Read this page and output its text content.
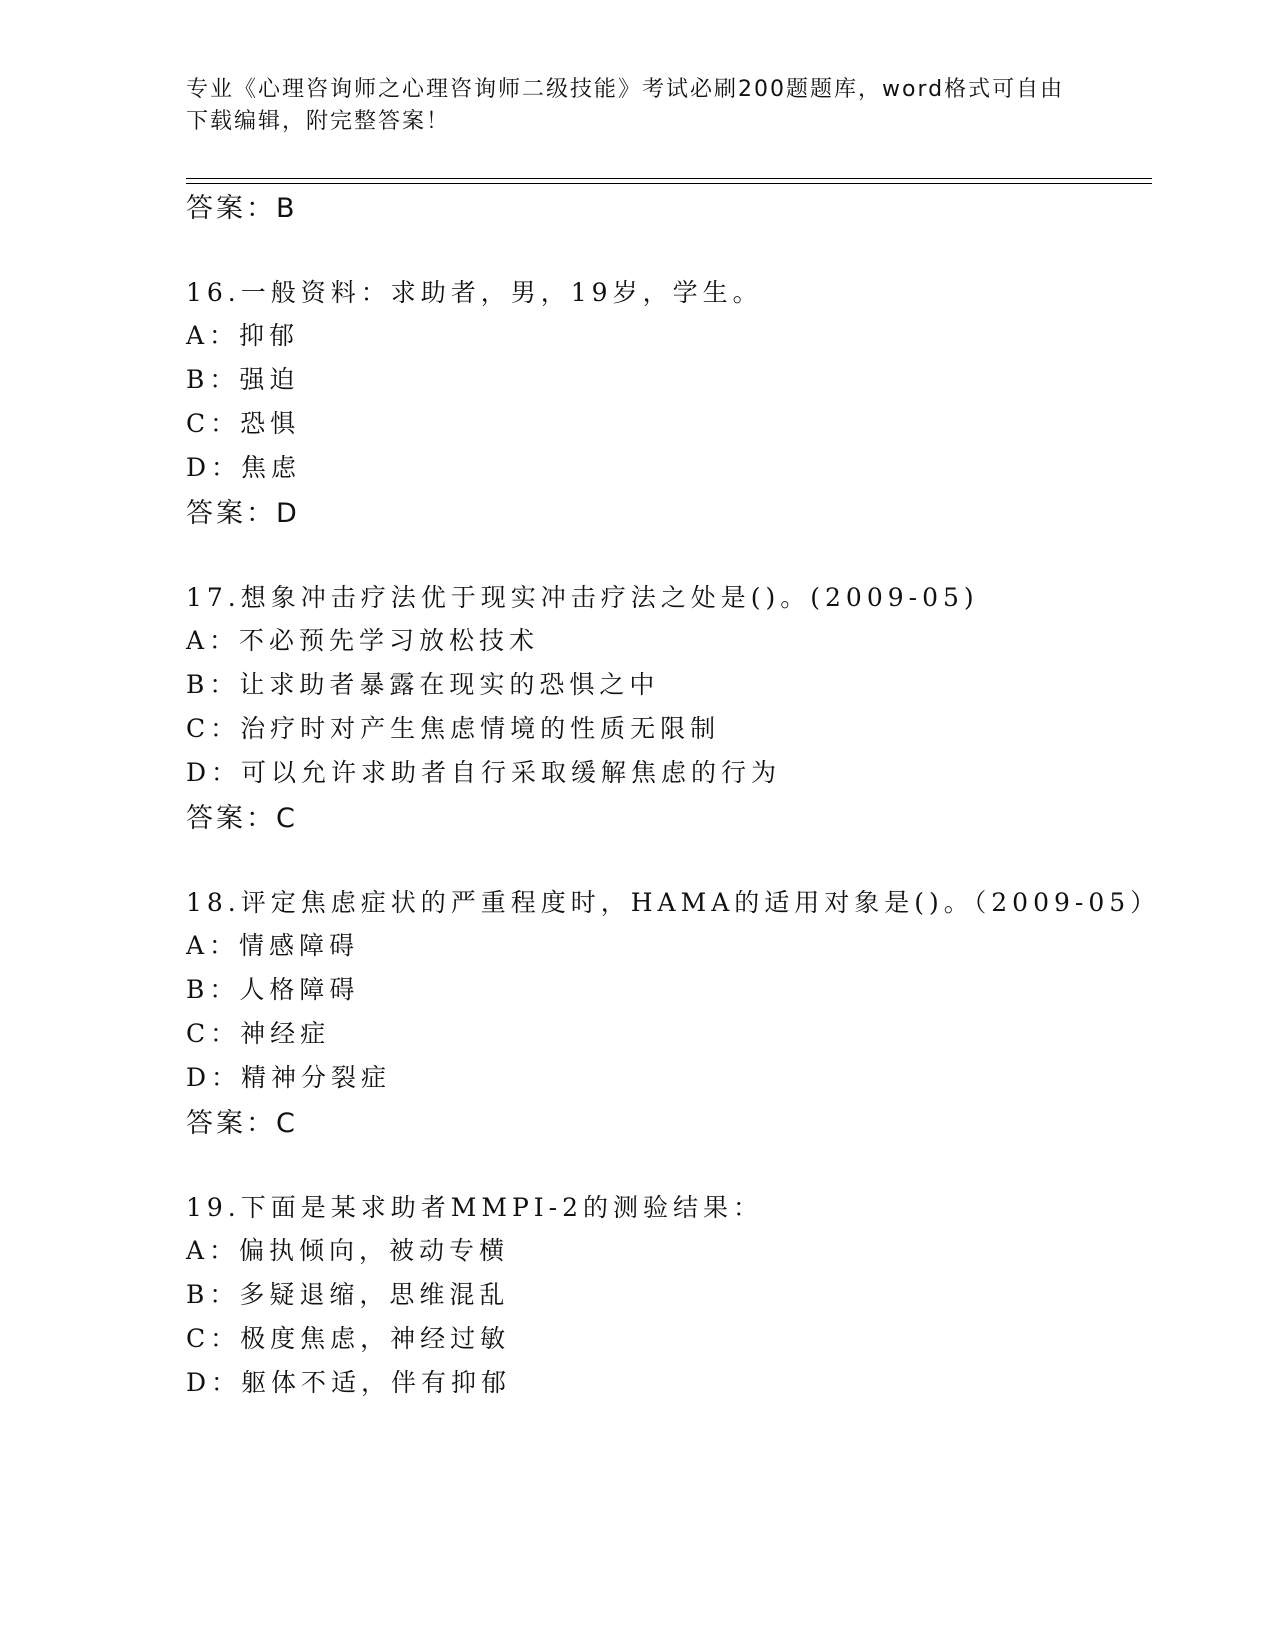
专业《心理咨询师之心理咨询师二级技能》考试必刷200题题库，word格式可自由下载编辑，附完整答案！
答案：B
16.一般资料：求助者，男，19岁，学生。
A：抑郁
B：强迫
C：恐惧
D：焦虑
答案：D
17.想象冲击疗法优于现实冲击疗法之处是()。(2009-05)
A：不必预先学习放松技术
B：让求助者暴露在现实的恐惧之中
C：治疗时对产生焦虑情境的性质无限制
D：可以允许求助者自行采取缓解焦虑的行为
答案：C
18.评定焦虑症状的严重程度时，HAMA的适用对象是()。（2009-05）
A：情感障碍
B：人格障碍
C：神经症
D：精神分裂症
答案：C
19.下面是某求助者MMPI-2的测验结果：
A：偏执倾向，被动专横
B：多疑退缩，思维混乱
C：极度焦虑，神经过敏
D：躯体不适，伴有抑郁
